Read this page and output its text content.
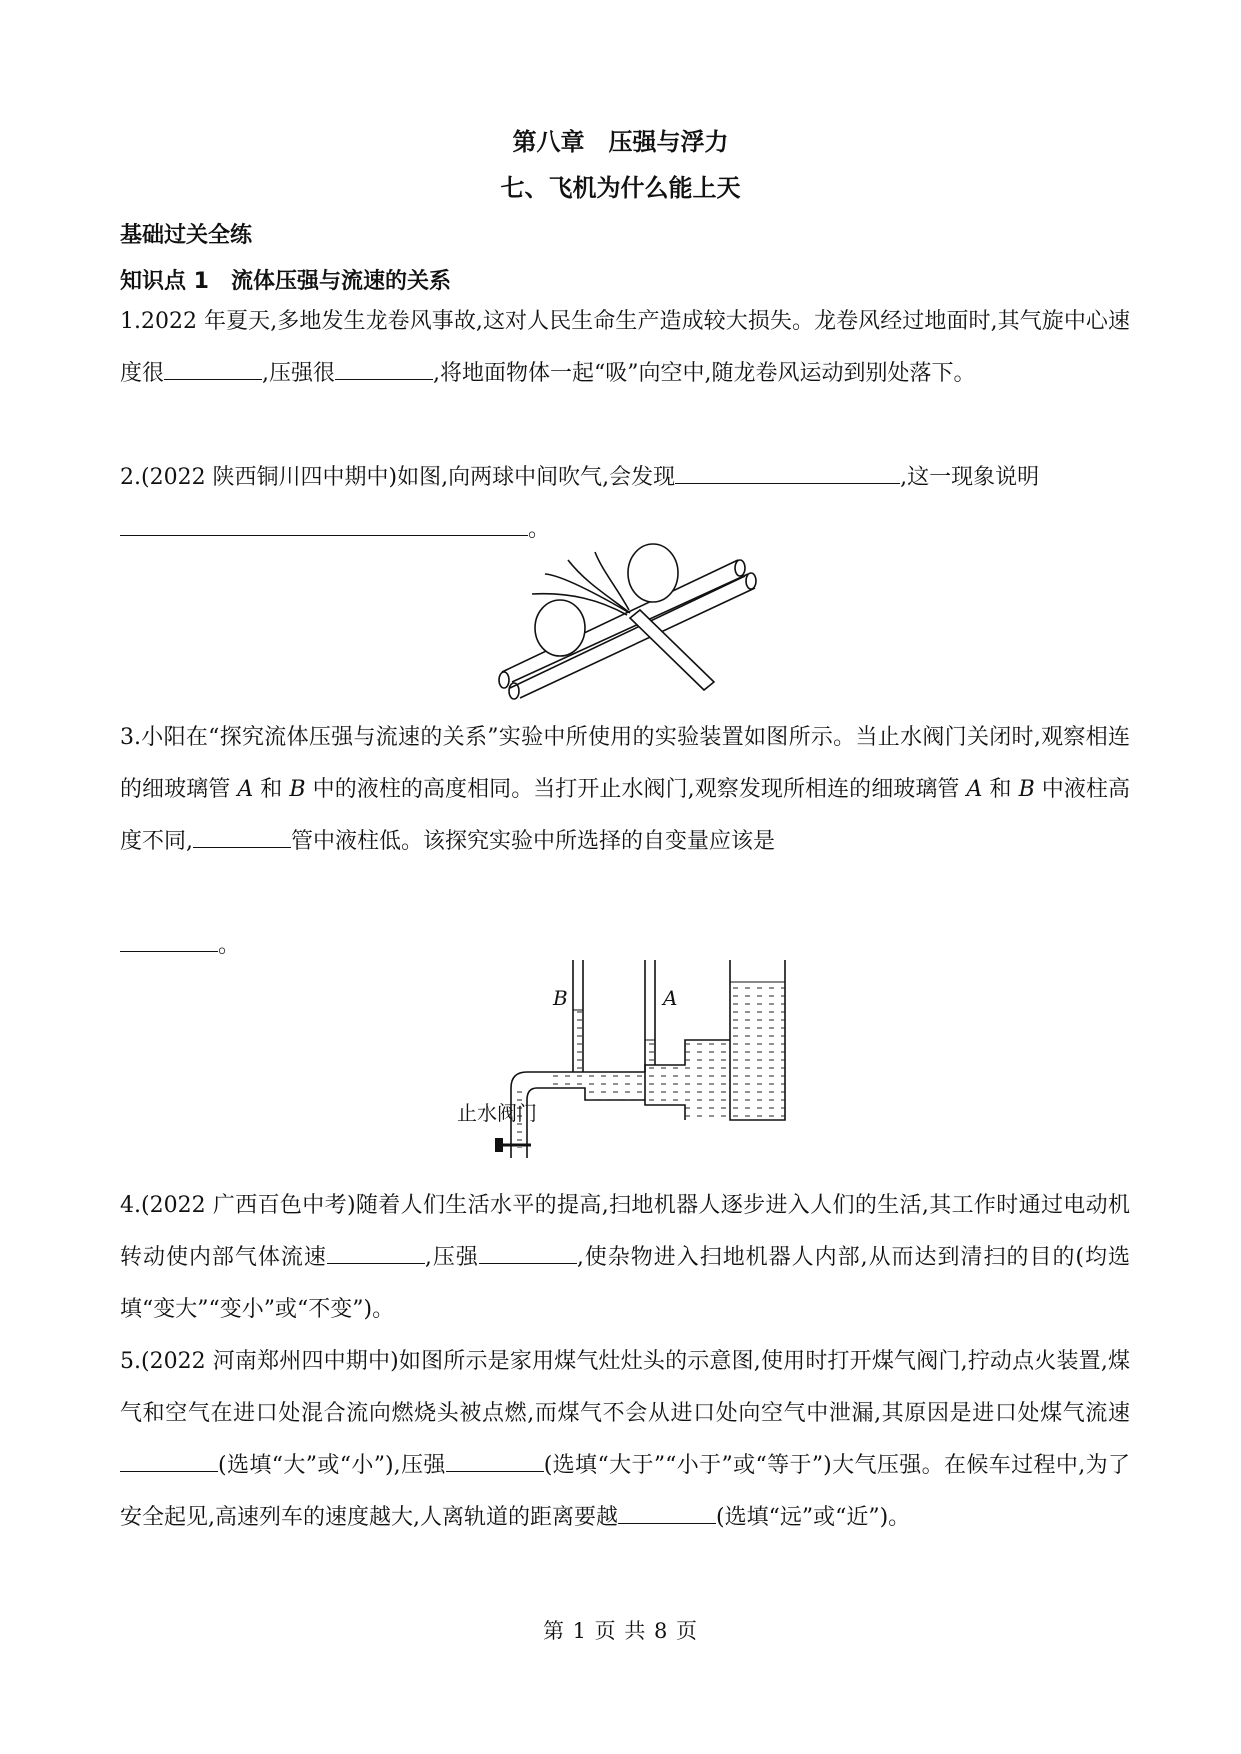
第八章　压强与浮力
七、飞机为什么能上天
基础过关全练
知识点 1　流体压强与流速的关系
1.2022 年夏天,多地发生龙卷风事故,这对人民生命生产造成较大损失。龙卷风经过地面时,其气旋中心速度很	,压强很	,将地面物体一起“吸”向空中,随龙卷风运动到别处落下。
2.(2022 陕西铜川四中期中)如图,向两球中间吹气,会发现	,这一现象说明
。
3.小阳在“探究流体压强与流速的关系”实验中所使用的实验装置如图所示。当止水阀门关闭时,观察相连的细玻璃管 A 和 B 中的液柱的高度相同。当打开止水阀门,观察发现所相连的细玻璃管 A 和 B 中液柱高度不同,	管中液柱低。该探究实验中所选择的自变量应该是

。
B	A
止水阀门
4.(2022 广西百色中考)随着人们生活水平的提高,扫地机器人逐步进入人们的生活,其工作时通过电动机转动使内部气体流速	,压强	,使杂物进入扫地机器人内部,从而达到清扫的目的(均选填“变大”“变小”或“不变”)。
5.(2022 河南郑州四中期中)如图所示是家用煤气灶灶头的示意图,使用时打开煤气阀门,拧动点火装置,煤气和空气在进口处混合流向燃烧头被点燃,而煤气不会从进口处向空气中泄漏,其原因是进口处煤气流速(选填“大”或“小”),压强	(选填“大于”“小于”或“等于”)大气压强。在候车过程中,为了安全起见,高速列车的速度越大,人离轨道的距离要越	(选填“远”或“近”)。
第 1 页 共 8 页
